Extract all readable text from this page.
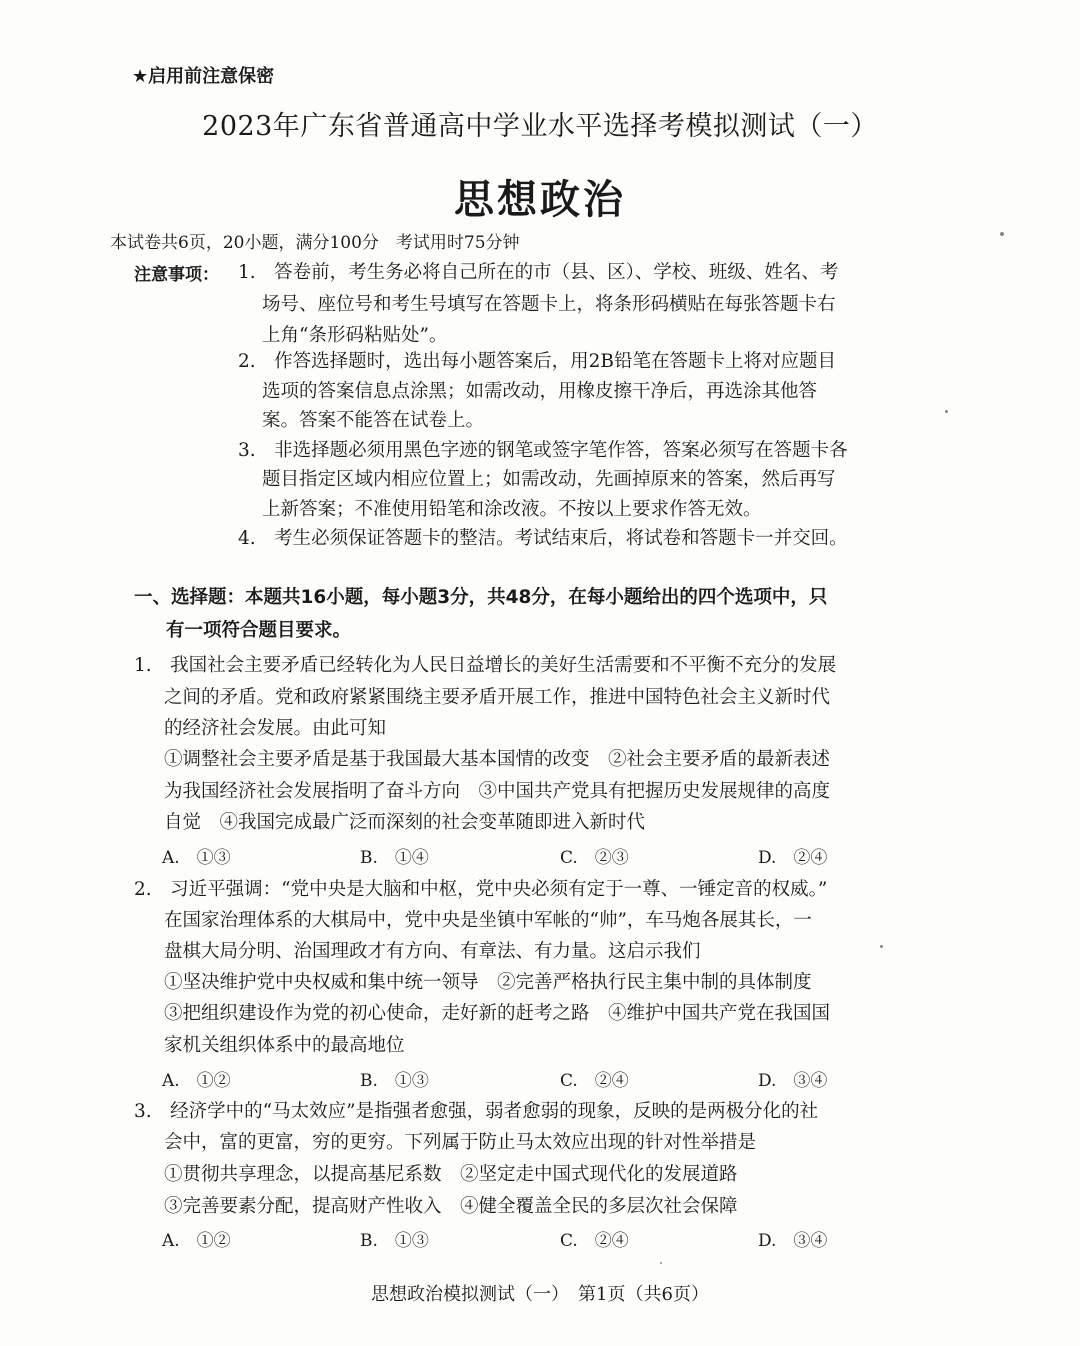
★启用前注意保密
2023年广东省普通高中学业水平选择考模拟测试（一）
思想政治
本试卷共6页，20小题，满分100分　考试用时75分钟
注意事项： 1.　答卷前，考生务必将自己所在的市（县、区）、学校、班级、姓名、考
场号、座位号和考生号填写在答题卡上，将条形码横贴在每张答题卡右
上角“条形码粘贴处”。
2.　作答选择题时，选出每小题答案后，用2B铅笔在答题卡上将对应题目
选项的答案信息点涂黑；如需改动，用橡皮擦干净后，再选涂其他答
案。答案不能答在试卷上。
3.　非选择题必须用黑色字迹的钢笔或签字笔作答，答案必须写在答题卡各
题目指定区域内相应位置上；如需改动，先画掉原来的答案，然后再写
上新答案；不准使用铅笔和涂改液。不按以上要求作答无效。
4.　考生必须保证答题卡的整洁。考试结束后，将试卷和答题卡一并交回。
一、选择题：本题共16小题，每小题3分，共48分，在每小题给出的四个选项中，只
有一项符合题目要求。
1.　我国社会主要矛盾已经转化为人民日益增长的美好生活需要和不平衡不充分的发展
之间的矛盾。党和政府紧紧围绕主要矛盾开展工作，推进中国特色社会主义新时代
的经济社会发展。由此可知
①调整社会主要矛盾是基于我国最大基本国情的改变　②社会主要矛盾的最新表述
为我国经济社会发展指明了奋斗方向　③中国共产党具有把握历史发展规律的高度
自觉　④我国完成最广泛而深刻的社会变革随即进入新时代
A.　①③	B.　①④	C.　②③	D.　②④
2.　习近平强调：“党中央是大脑和中枢，党中央必须有定于一尊、一锤定音的权威。”
在国家治理体系的大棋局中，党中央是坐镇中军帐的“帅”，车马炮各展其长，一
盘棋大局分明、治国理政才有方向、有章法、有力量。这启示我们
①坚决维护党中央权威和集中统一领导　②完善严格执行民主集中制的具体制度
③把组织建设作为党的初心使命，走好新的赶考之路　④维护中国共产党在我国国
家机关组织体系中的最高地位
A.　①②	B.　①③	C.　②④	D.　③④
3.　经济学中的“马太效应”是指强者愈强，弱者愈弱的现象，反映的是两极分化的社
会中，富的更富，穷的更穷。下列属于防止马太效应出现的针对性举措是
①贯彻共享理念，以提高基尼系数　②坚定走中国式现代化的发展道路
③完善要素分配，提高财产性收入　④健全覆盖全民的多层次社会保障
A.　①②	B.　①③	C.　②④	D.　③④
思想政治模拟测试（一）　第1页（共6页）
